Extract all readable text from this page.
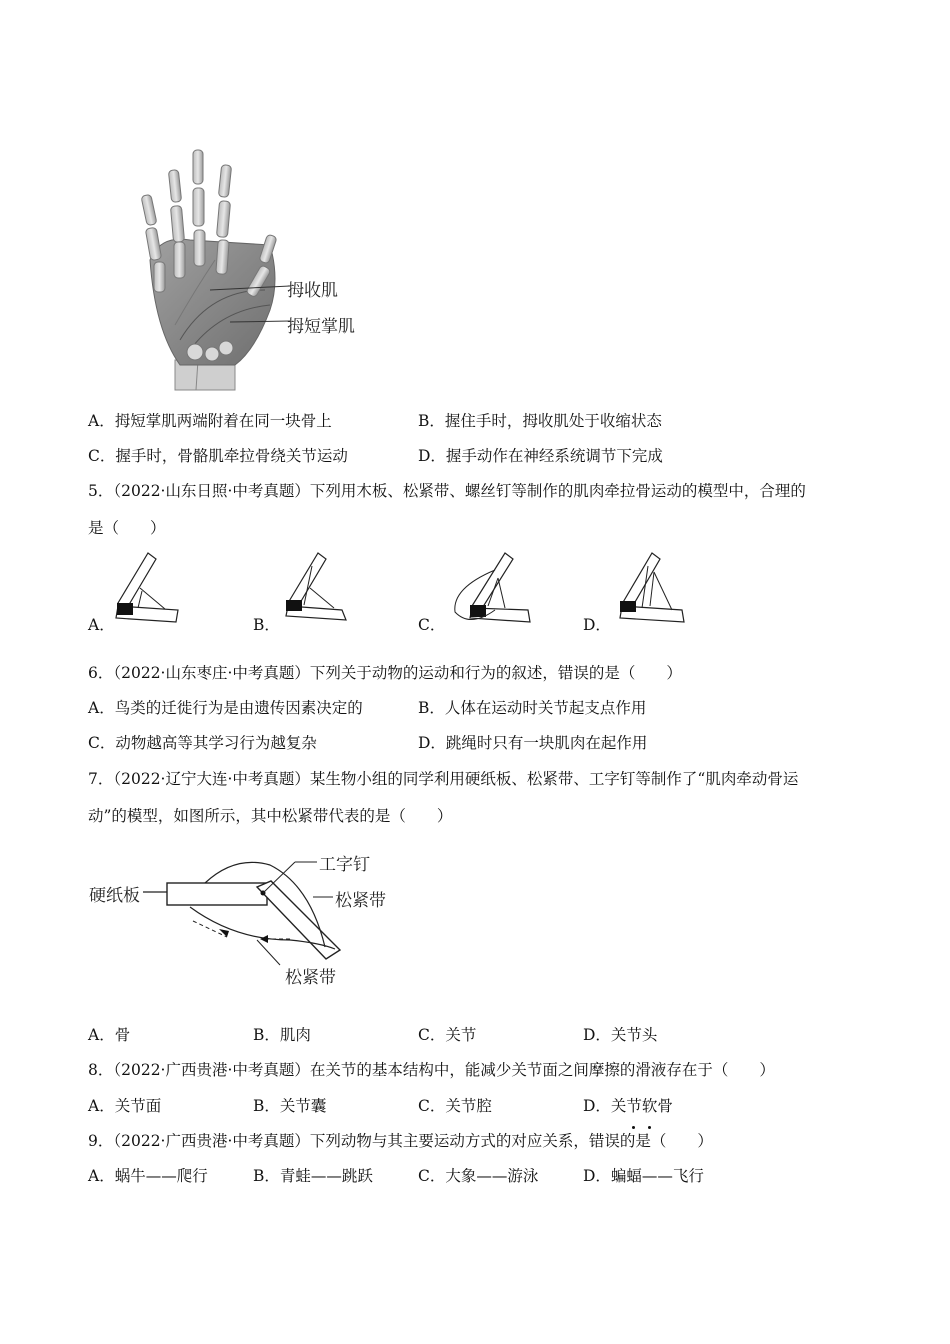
拇收肌
拇短掌肌
A．拇短掌肌两端附着在同一块骨上	B．握住手时，拇收肌处于收缩状态
C．握手时，骨骼肌牵拉骨绕关节运动	D．握手动作在神经系统调节下完成
5．（2022·山东日照·中考真题）下列用木板、松紧带、螺丝钉等制作的肌肉牵拉骨运动的模型中，合理的
是（　　）
A．	B．	C．	D．
6．（2022·山东枣庄·中考真题）下列关于动物的运动和行为的叙述，错误的是（　　）
A．鸟类的迁徙行为是由遗传因素决定的	B．人体在运动时关节起支点作用
C．动物越高等其学习行为越复杂	D．跳绳时只有一块肌肉在起作用
7．（2022·辽宁大连·中考真题）某生物小组的同学利用硬纸板、松紧带、工字钉等制作了“肌肉牵动骨运
动”的模型，如图所示，其中松紧带代表的是（　　）
硬纸板
工字钉
松紧带
松紧带
A．骨	B．肌肉	C．关节	D．关节头
8．（2022·广西贵港·中考真题）在关节的基本结构中，能减少关节面之间摩擦的滑液存在于（　　）
A．关节面	B．关节囊	C．关节腔	D．关节软骨
9．（2022·广西贵港·中考真题）下列动物与其主要运动方式的对应关系，错误的是（　　）
A．蜗牛——爬行	B．青蛙——跳跃	C．大象——游泳	D．蝙蝠——飞行
